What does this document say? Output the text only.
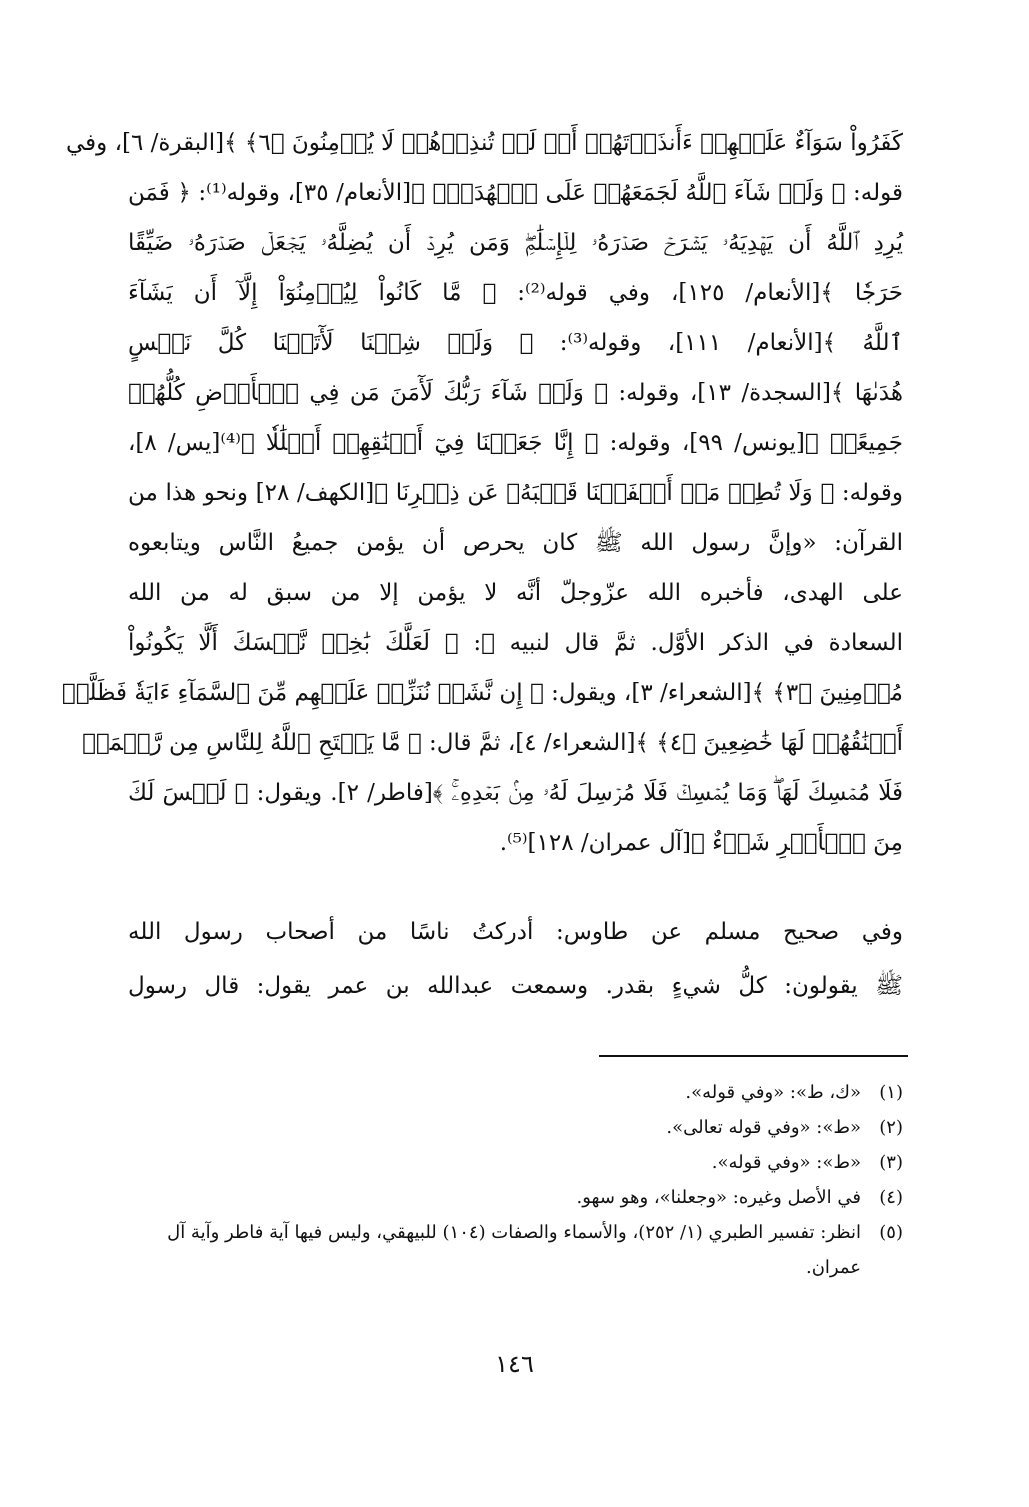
كَفَرُواْ سَوَآءٌ عَلَيۡهِمۡ ءَأَنذَرۡتَهُمۡ أَمۡ لَمۡ تُنذِرۡهُمۡ لَا يُؤۡمِنُونَ ﴿٦﴾ ﴾[البقرة/ ٦]، وفي
قوله: ﴿ وَلَوۡ شَآءَ ٱللَّهُ لَجَمَعَهُمۡ عَلَى ٱلۡهُدَىٰۚ ﴾[الأنعام/ ٣٥]، وقوله⁽¹⁾: ﴿ فَمَن
يُرِدِ ٱللَّهُ أَن يَهۡدِيَهُۥ يَشۡرَحۡ صَدۡرَهُۥ لِلۡإِسۡلَٰمِۖ وَمَن يُرِدۡ أَن يُضِلَّهُۥ يَجۡعَلۡ صَدۡرَهُۥ ضَيِّقًا
حَرَجٗا ﴾[الأنعام/ ١٢٥]، وفي قوله⁽²⁾: ﴿ مَّا كَانُواْ لِيُؤۡمِنُوٓاْ إِلَّآ أَن يَشَآءَ
ٱللَّهُ ﴾[الأنعام/ ١١١]، وقوله⁽³⁾: ﴿ وَلَوۡ شِئۡنَا لَأٓتَيۡنَا كُلَّ نَفۡسٍ
هُدَىٰهَا ﴾[السجدة/ ١٣]، وقوله: ﴿ وَلَوۡ شَآءَ رَبُّكَ لَأٓمَنَ مَن فِي ٱلۡأَرۡضِ كُلُّهُمۡ
جَمِيعًاۚ ﴾[يونس/ ٩٩]، وقوله: ﴿ إِنَّا جَعَلۡنَا فِيٓ أَعۡنَٰقِهِمۡ أَغۡلَٰلٗا ﴾⁽⁴⁾[يس/ ٨]،
وقوله: ﴿ وَلَا تُطِعۡ مَنۡ أَغۡفَلۡنَا قَلۡبَهُۥ عَن ذِكۡرِنَا ﴾[الكهف/ ٢٨] ونحو هذا من
القرآن: «وإنَّ رسول الله ﷺ كان يحرص أن يؤمن جميعُ النَّاس ويتابعوه
على الهدى، فأخبره الله عزّوجلّ أنَّه لا يؤمن إلا من سبق له من الله
السعادة في الذكر الأوَّل. ثمَّ قال لنبيه ﷺ: ﴿ لَعَلَّكَ بَٰخِعٞ نَّفۡسَكَ أَلَّا يَكُونُواْ
مُؤۡمِنِينَ ﴿٣﴾ ﴾[الشعراء/ ٣]، ويقول: ﴿ إِن نَّشَأۡ نُنَزِّلۡ عَلَيۡهِم مِّنَ ٱلسَّمَآءِ ءَايَةٗ فَظَلَّتۡ
أَعۡنَٰقُهُمۡ لَهَا خَٰضِعِينَ ﴿٤﴾ ﴾[الشعراء/ ٤]، ثمَّ قال: ﴿ مَّا يَفۡتَحِ ٱللَّهُ لِلنَّاسِ مِن رَّحۡمَةٖ
فَلَا مُمۡسِكَ لَهَاۖ وَمَا يُمۡسِكۡ فَلَا مُرۡسِلَ لَهُۥ مِنۢ بَعۡدِهِۦۚ ﴾[فاطر/ ٢]. ويقول: ﴿ لَيۡسَ لَكَ
مِنَ ٱلۡأَمۡرِ شَيۡءٌ ﴾[آل عمران/ ١٢٨]⁽⁵⁾.
وفي صحيح مسلم عن طاوس: أدركتُ ناسًا من أصحاب رسول الله
ﷺ يقولون: كلُّ شيءٍ بقدر. وسمعت عبدالله بن عمر يقول: قال رسول
(١)
«ك، ط»: «وفي قوله».
(٢)
«ط»: «وفي قوله تعالى».
(٣)
«ط»: «وفي قوله».
(٤)
في الأصل وغيره: «وجعلنا»، وهو سهو.
(٥)
انظر: تفسير الطبري (١/ ٢٥٢)، والأسماء والصفات (١٠٤) للبيهقي، وليس فيها آية فاطر وآية آل عمران.
١٤٦
